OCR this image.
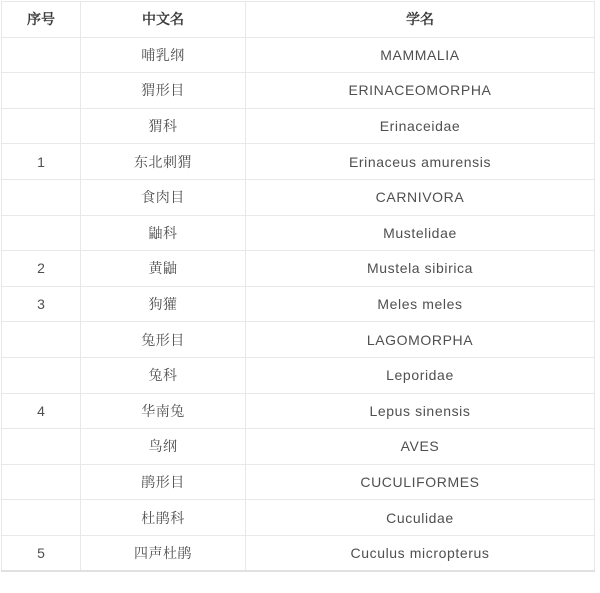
序号	中文名	学名
	哺乳纲	MAMMALIA
	猬形目	ERINACEOMORPHA
	猬科	Erinaceidae
1	东北刺猬	Erinaceus amurensis
	食肉目	CARNIVORA
	鼬科	Mustelidae
2	黄鼬	Mustela sibirica
3	狗獾	Meles meles
	兔形目	LAGOMORPHA
	兔科	Leporidae
4	华南兔	Lepus sinensis
	鸟纲	AVES
	鹃形目	CUCULIFORMES
	杜鹃科	Cuculidae
5	四声杜鹃	Cuculus micropterus
